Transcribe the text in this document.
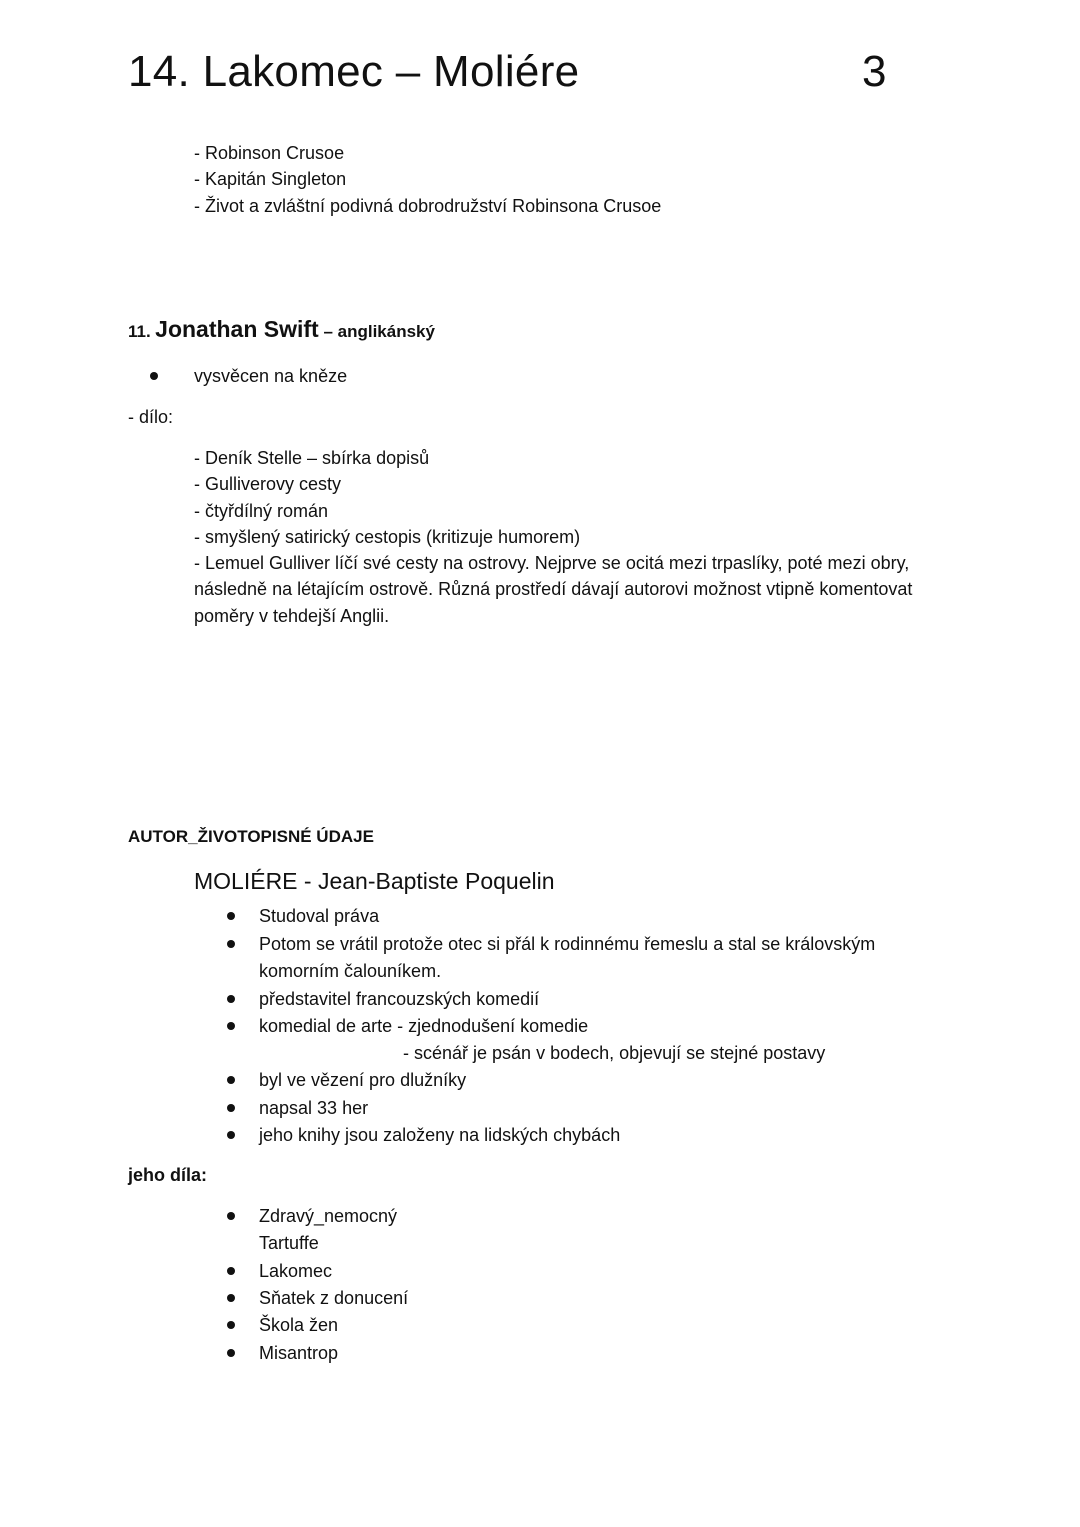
14. Lakomec – Moliére	3
- Robinson Crusoe
- Kapitán Singleton
- Život a zvláštní podivná dobrodružství Robinsona Crusoe
11. Jonathan Swift – anglikánský
vysvěcen na kněze
- dílo:
- Deník Stelle – sbírka dopisů
- Gulliverovy cesty
- čtyřdílný román
- smyšlený satirický cestopis (kritizuje humorem)
- Lemuel Gulliver líčí své cesty na ostrovy. Nejprve se ocitá mezi trpaslíky, poté mezi obry, následně na létajícím ostrově. Různá prostředí dávají autorovi možnost vtipně komentovat poměry v tehdejší Anglii.
AUTOR_ŽIVOTOPISNÉ ÚDAJE
MOLIÉRE - Jean-Baptiste Poquelin
Studoval práva
Potom se vrátil protože otec si přál k rodinnému řemeslu a stal se královským
komorním čalouníkem.
představitel francouzských komedií
komedial de arte - zjednodušení komedie
- scénář je psán v bodech, objevují se stejné postavy
byl ve vězení pro dlužníky
napsal 33 her
jeho knihy jsou založeny na lidských chybách
jeho díla:
Zdravý_nemocný
Tartuffe
Lakomec
Sňatek z donucení
Škola žen
Misantrop
